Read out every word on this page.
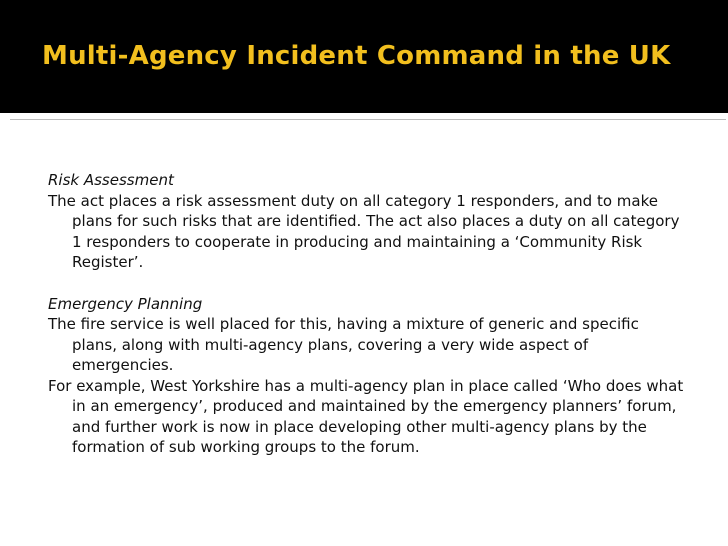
Multi-Agency Incident Command in the UK

Risk Assessment

The act places a risk assessment duty on all category 1 responders, and to make plans for such risks that are identified. The act also places a duty on all category 1 responders to cooperate in producing and maintaining a ‘Community Risk Register’.

Emergency Planning

The fire service is well placed for this, having a mixture of generic and specific plans, along with multi-agency plans, covering a very wide aspect of emergencies.

For example, West Yorkshire has a multi-agency plan in place called ‘Who does what in an emergency’, produced and maintained by the emergency planners’ forum, and further work is now in place developing other multi-agency plans by the formation of sub working groups to the forum.
